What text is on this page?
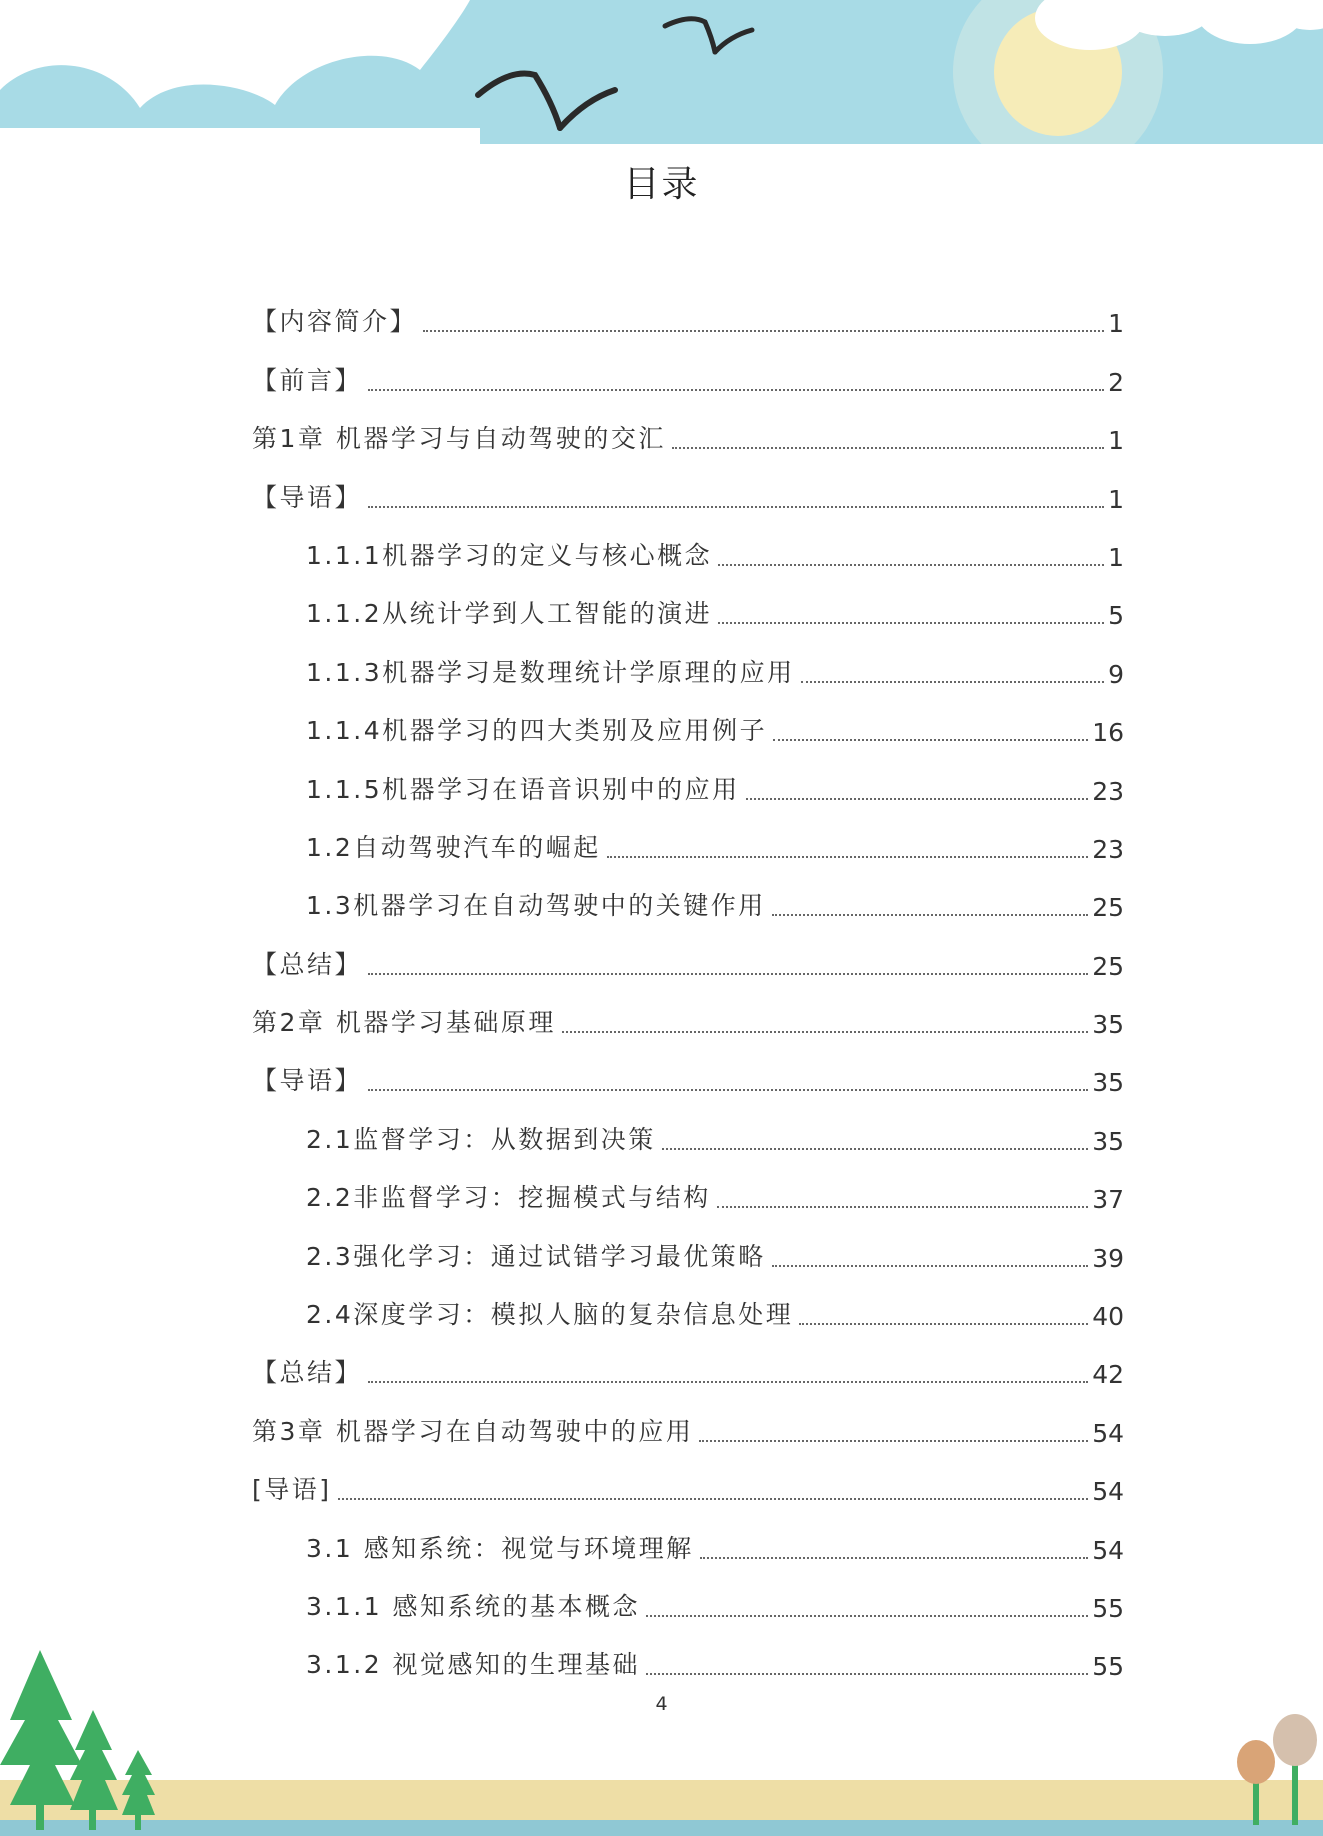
目录
【内容简介】	1
【前言】	2
第1章 机器学习与自动驾驶的交汇	1
【导语】	1
1.1.1机器学习的定义与核心概念	1
1.1.2从统计学到人工智能的演进	5
1.1.3机器学习是数理统计学原理的应用	9
1.1.4机器学习的四大类别及应用例子	16
1.1.5机器学习在语音识别中的应用	23
1.2自动驾驶汽车的崛起	23
1.3机器学习在自动驾驶中的关键作用	25
【总结】	25
第2章 机器学习基础原理	35
【导语】	35
2.1监督学习：从数据到决策	35
2.2非监督学习：挖掘模式与结构	37
2.3强化学习：通过试错学习最优策略	39
2.4深度学习：模拟人脑的复杂信息处理	40
【总结】	42
第3章 机器学习在自动驾驶中的应用	54
[导语]	54
3.1 感知系统：视觉与环境理解	54
3.1.1 感知系统的基本概念	55
3.1.2 视觉感知的生理基础	55
4
